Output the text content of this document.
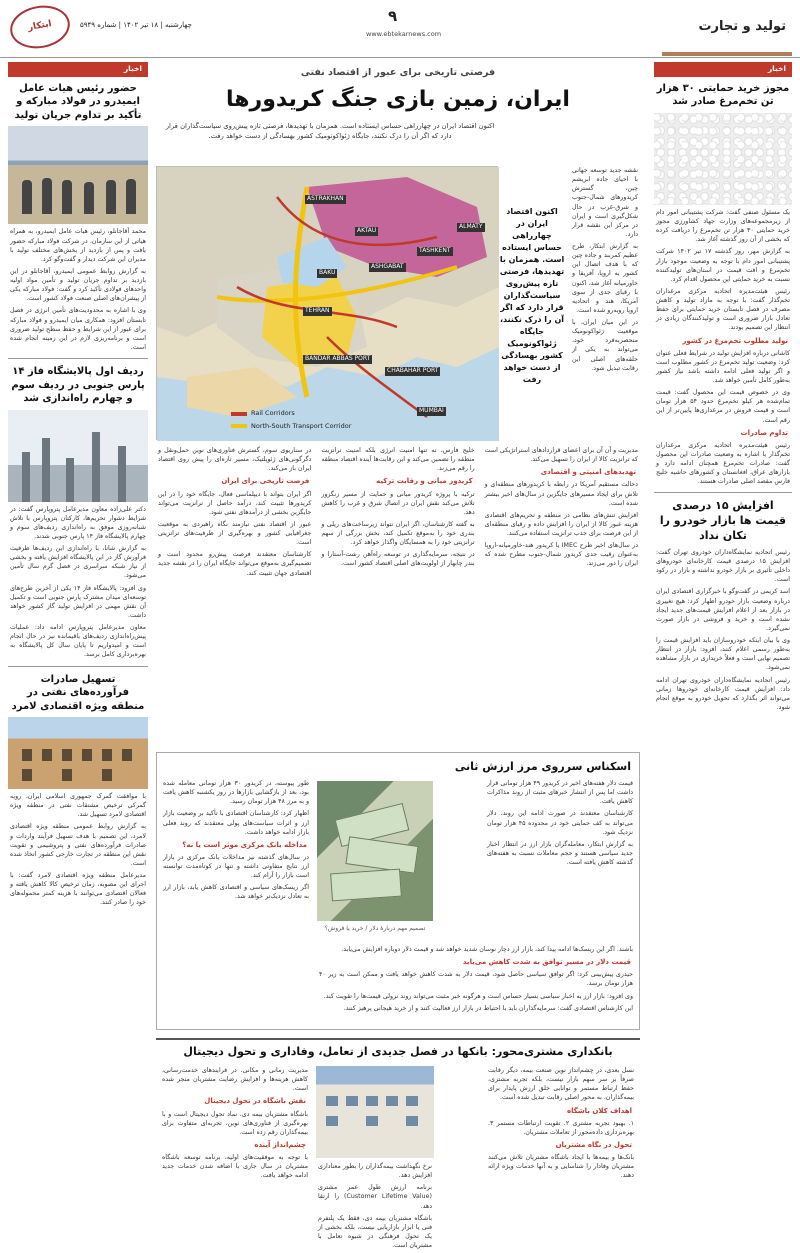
تولید و تجارت
۹
www.ebtekarnews.com
چهارشنبه | ۱۸ تیر ۱۴۰۲ | شماره ۵۹۴۹
ابتکار
اخبار
مجوز خرید حمایتی ۳۰ هزار تن تخم‌مرغ صادر شد

یک مسئول صنفی گفت: شرکت پشتیبانی امور دام از زیرمجموعه‌های وزارت جهاد کشاورزی مجوز خرید حمایتی ۳۰ هزار تن تخم‌مرغ را دریافت کرده که بخشی از آن روز گذشته آغاز شد.

به گزارش مهر، روز گذشته ۱۷ تیر ۱۴۰۲ شرکت پشتیبانی امور دام با توجه به وضعیت موجود بازار تخم‌مرغ و افت قیمت در استان‌های تولیدکننده نسبت به خرید حمایتی این محصول اقدام کرد.

رئیس هیئت‌مدیره اتحادیه مرکزی مرغداران تخم‌گذار گفت: با توجه به مازاد تولید و کاهش مصرف در فصل تابستان خرید حمایتی برای حفظ تعادل بازار ضروری است و تولیدکنندگان زیادی در انتظار این تصمیم بودند.

تولید مطلوب تخم‌مرغ در کشور

کاشانی درباره افزایش تولید در شرایط فعلی عنوان کرد: وضعیت تولید تخم‌مرغ در کشور مطلوب است و اگر تولید فعلی ادامه داشته باشد نیاز کشور به‌طور کامل تأمین خواهد شد.

وی در خصوص قیمت این محصول گفت: قیمت تمام‌شده هر کیلو تخم‌مرغ حدود ۵۴ هزار تومان است و قیمت فروش در مرغداری‌ها پایین‌تر از این رقم است.

تداوم صادرات

رئیس هیئت‌مدیره اتحادیه مرکزی مرغداران تخم‌گذار با اشاره به وضعیت صادرات این محصول گفت: صادرات تخم‌مرغ همچنان ادامه دارد و بازارهای عراق، افغانستان و کشورهای حاشیه خلیج فارس مقصد اصلی صادرات هستند.

افزایش ۱۵ درصدی قیمت ها بازار خودرو را تکان نداد

رئیس اتحادیه نمایشگاه‌داران خودروی تهران گفت: افزایش ۱۵ درصدی قیمت کارخانه‌ای خودروهای داخلی تأثیری بر بازار خودرو نداشته و بازار در رکود است.

اسد کریمی در گفت‌وگو با خبرگزاری اقتصادی ایران درباره وضعیت بازار خودرو اظهار کرد: هیچ تغییری در بازار بعد از اعلام افزایش قیمت‌های جدید ایجاد نشده است و خرید و فروشی در بازار صورت نمی‌گیرد.

وی با بیان اینکه خودروسازان باید افزایش قیمت را به‌طور رسمی اعلام کنند، افزود: بازار در انتظار تصمیم نهایی است و فعلاً خریداری در بازار مشاهده نمی‌شود.

رئیس اتحادیه نمایشگاه‌داران خودروی تهران ادامه داد: افزایش قیمت کارخانه‌ای خودروها زمانی می‌تواند اثر بگذارد که تحویل خودرو به موقع انجام شود.

اخبار
حضور رئیس هیات عامل ایمیدرو در فولاد مبارکه و تأکید بر تداوم جریان تولید

محمد آقاجانلو، رئیس هیات عامل ایمیدرو، به همراه هیاتی از این سازمان، در شرکت فولاد مبارکه حضور یافت و پس از بازدید از بخش‌های مختلف تولید با مدیران این شرکت دیدار و گفت‌وگو کرد.

به گزارش روابط عمومی ایمیدرو، آقاجانلو در این بازدید بر تداوم جریان تولید و تأمین مواد اولیه واحدهای فولادی تأکید کرد و گفت: فولاد مبارکه یکی از پیشران‌های اصلی صنعت فولاد کشور است.

وی با اشاره به محدودیت‌های تأمین انرژی در فصل تابستان افزود: همکاری میان ایمیدرو و فولاد مبارکه برای عبور از این شرایط و حفظ سطح تولید ضروری است و برنامه‌ریزی لازم در این زمینه انجام شده است.

ردیف اول پالایشگاه فاز ۱۴ پارس جنوبی در ردیف سوم و چهارم راه‌اندازی شد

دکتر علی‌زاده معاون مدیرعامل پتروپارس گفت: در شرایط دشوار تحریم‌ها، کارکنان پتروپارس با تلاش شبانه‌روزی موفق به راه‌اندازی ردیف‌های سوم و چهارم پالایشگاه فاز ۱۴ پارس جنوبی شدند.

به گزارش شانا، با راه‌اندازی این ردیف‌ها ظرفیت فرآورش گاز در این پالایشگاه افزایش یافته و بخشی از نیاز شبکه سراسری در فصل گرم سال تأمین می‌شود.

وی افزود: پالایشگاه فاز ۱۴ یکی از آخرین طرح‌های توسعه‌ای میدان مشترک پارس جنوبی است و تکمیل آن نقش مهمی در افزایش تولید گاز کشور خواهد داشت.

معاون مدیرعامل پتروپارس ادامه داد: عملیات پیش‌راه‌اندازی ردیف‌های باقیمانده نیز در حال انجام است و امیدواریم تا پایان سال کل پالایشگاه به بهره‌برداری کامل برسد.

تسهیل صادرات فرآورده‌های نفتی در منطقه ویژه اقتصادی لامرد

با موافقت گمرک جمهوری اسلامی ایران، رویه گمرکی ترخیص مشتقات نفتی در منطقه ویژه اقتصادی لامرد تسهیل شد.

به گزارش روابط عمومی منطقه ویژه اقتصادی لامرد، این تصمیم با هدف تسهیل فرآیند واردات و صادرات فرآورده‌های نفتی و پتروشیمی و تقویت نقش این منطقه در تجارت خارجی کشور اتخاذ شده است.

مدیرعامل منطقه ویژه اقتصادی لامرد گفت: با اجرای این مصوبه، زمان ترخیص کالا کاهش یافته و فعالان اقتصادی می‌توانند با هزینه کمتر محموله‌های خود را صادر کنند.

فرصتی تاریخی برای عبور از اقتصاد نفتی
ایران، زمین بازی جنگ کریدورها
اکنون اقتصاد ایران در چهارراهی حساس ایستاده است. همزمان با تهدیدها، فرصتی تازه پیش‌روی سیاست‌گذاران قرار دارد که اگر آن را درک نکنند، جایگاه ژئواکونومیک کشور بهسادگی از دست خواهد رفت.
ASTRAKHAN
AKTAU
TASHKENT
ALMATY
ASHGABAT
BAKU
TEHRAN
BANDAR ABBAS PORT
CHABAHAR PORT
MUMBAI
Rail Corridors
North-South Transport Corridor
اکنون اقتصاد ایران در چهارراهی حساس ایستاده است. همزمان با تهدیدها، فرصتی تازه پیش‌روی سیاست‌گذاران قرار دارد که اگر آن را درک نکنند، جایگاه ژئواکونومیک کشور بهسادگی از دست خواهد رفت

نقشه جدید توسعه جهانی با احیای جاده ابریشم چین، گسترش کریدورهای شمال-جنوب و شرق-غرب در حال شکل‌گیری است و ایران در مرکز این نقشه قرار دارد.

به گزارش ابتکار، طرح عظیم کمربند و جاده چین که با هدف اتصال این کشور به اروپا، آفریقا و خاورمیانه آغاز شد، اکنون با رقبای جدی از سوی آمریکا، هند و اتحادیه اروپا روبه‌رو شده است.

در این میان ایران، با موقعیت ژئواکونومیک منحصربه‌فرد خود، می‌تواند به یکی از حلقه‌های اصلی این رقابت تبدیل شود.

مدیریت و آن آن برای اعضای قراردادهای استراتژیکی است که ترانزیت کالا از ایران را تسهیل می‌کند.

تهدیدهای امنیتی و اقتصادی

دخالت مستقیم آمریکا در رابطه با کریدورهای منطقه‌ای و تلاش برای ایجاد مسیرهای جایگزین در سال‌های اخیر بیشتر شده است.

افزایش تنش‌های نظامی در منطقه و تحریم‌های اقتصادی هزینه عبور کالا از ایران را افزایش داده و رقبای منطقه‌ای از این فرصت برای جذب ترانزیت استفاده می‌کنند.

در سال‌های اخیر طرح IMEC یا کریدور هند-خاورمیانه-اروپا به‌عنوان رقیب جدی کریدور شمال-جنوب مطرح شده که ایران را دور می‌زند.

خلیج فارس، نه تنها امنیت انرژی بلکه امنیت ترانزیت منطقه را تضمین می‌کند و این رقابت‌ها آینده اقتصاد منطقه را رقم می‌زند.

کریدور میانی و رقابت ترکیه

ترکیه با پروژه کریدور میانی و حمایت از مسیر زنگزور تلاش می‌کند نقش ایران در اتصال شرق و غرب را کاهش دهد.

به گفته کارشناسان، اگر ایران نتواند زیرساخت‌های ریلی و بندری خود را به‌موقع تکمیل کند، بخش بزرگی از سهم ترانزیتی خود را به همسایگان واگذار خواهد کرد.

در نتیجه، سرمایه‌گذاری در توسعه راه‌آهن رشت-آستارا و بندر چابهار از اولویت‌های اصلی اقتصاد کشور است.

در سناریوی سوم، گسترش فناوری‌های نوین حمل‌ونقل و دگرگونی‌های ژئوپلتیک، مسیر تازه‌ای را پیش روی اقتصاد ایران باز می‌کند.

فرصت تاریخی برای ایران

اگر ایران بتواند با دیپلماسی فعال، جایگاه خود را در این کریدورها تثبیت کند، درآمد حاصل از ترانزیت می‌تواند جایگزین بخشی از درآمدهای نفتی شود.

عبور از اقتصاد نفتی نیازمند نگاه راهبردی به موقعیت جغرافیایی کشور و بهره‌گیری از ظرفیت‌های ترانزیتی است.

کارشناسان معتقدند فرصت پیش‌رو محدود است و تصمیم‌گیری به‌موقع می‌تواند جایگاه ایران را در نقشه جدید اقتصادی جهان تثبیت کند.

اسکناس سرروی مرز ارزش ثانی
تصمیم مهم دربارهٔ دلار / خرید یا فروش؟

قیمت دلار هفته‌های اخیر در کریدور ۴۹ هزار تومانی قرار داشت اما پس از انتشار خبرهای مثبت از روند مذاکرات کاهش یافت.

کارشناسان معتقدند در صورت ادامه این روند، دلار می‌تواند به کف حمایتی خود در محدوده ۴۵ هزار تومان نزدیک شود.

به گزارش ابتکار، معامله‌گران بازار ارز در انتظار اخبار جدید سیاسی هستند و حجم معاملات نسبت به هفته‌های گذشته کاهش یافته است.

طور پیوسته، در کریدور ۳۰ هزار تومانی معامله شده بود، بعد از بازگشایی بازارها در روز یکشنبه کاهش یافت و به مرز ۴۸ هزار تومان رسید.

اظهار کرد: کارشناسان اقتصادی با تأکید بر وضعیت بازار ارز و اثرات سیاست‌های پولی معتقدند که روند فعلی بازار ادامه خواهد داشت.

مداخله بانک مرکزی موثر است یا نه؟

در سال‌های گذشته نیز مداخلات بانک مرکزی در بازار ارز نتایج متفاوتی داشته و تنها در کوتاه‌مدت توانسته است بازار را آرام کند.

اگر ریسک‌های سیاسی و اقتصادی کاهش یابد، بازار ارز به تعادل نزدیک‌تر خواهد شد.

باشند. اگر این ریسک‌ها ادامه پیدا کند، بازار ارز دچار نوسان شدید خواهد شد و قیمت دلار دوباره افزایش می‌یابد.

قیمت دلار در مسیر توافق به شدت کاهش می‌یابد

حیدری پیش‌بینی کرد: اگر توافق سیاسی حاصل شود، قیمت دلار به شدت کاهش خواهد یافت و ممکن است به زیر ۴۰ هزار تومان برسد.

وی افزود: بازار ارز به اخبار سیاسی بسیار حساس است و هرگونه خبر مثبت می‌تواند روند نزولی قیمت‌ها را تقویت کند.

این کارشناس اقتصادی گفت: سرمایه‌گذاران باید با احتیاط در بازار ارز فعالیت کنند و از خرید هیجانی پرهیز کنند.

بانکداری مشتری‌محور: بانکها در فصل جدیدی از تعامل، وفاداری و تحول دیجیتال

نسل بعدی، در چشم‌انداز نوین صنعت بیمه، دیگر رقابت صرفاً بر سر سهم بازار نیست، بلکه تجربه مشتری، حفظ ارتباط مستمر و توانایی خلق ارزش پایدار برای بیمه‌گذاران، به محور اصلی رقابت تبدیل شده است.

اهداف کلان باشگاه

۱. بهبود تجربه مشتری ۲. تقویت ارتباطات مستمر ۳. بهره‌برداری داده‌محور از تعاملات مشتریان.

تحول در نگاه مشتریان

بانک‌ها و بیمه‌ها با ایجاد باشگاه مشتریان تلاش می‌کنند مشتریان وفادار را شناسایی و به آنها خدمات ویژه ارائه دهند.

مدیریت زمانی و مکانی، در فرایندهای خدمت‌رسانی، کاهش هزینه‌ها و افزایش رضایت مشتریان منجر شده است.

نقش باشگاه در تحول دیجیتال

باشگاه مشتریان بیمه دی، نماد تحول دیجیتال است و با بهره‌گیری از فناوری‌های نوین، تجربه‌ای متفاوت برای بیمه‌گذاران رقم زده است.

چشم‌انداز آینده

با توجه به موفقیت‌های اولیه، برنامه توسعه باشگاه مشتریان در سال جاری با اضافه شدن خدمات جدید ادامه خواهد یافت.

نرخ نگهداشت بیمه‌گذاران را بطور معناداری افزایش دهد.

برنامه ارزش طول عمر مشتری (Customer Lifetime Value) را ارتقا دهد.

باشگاه مشتریان بیمه دی، فقط یک پلتفرم فنی یا ابزار بازاریابی نیست، بلکه بخشی از یک تحول فرهنگی در شیوه تعامل با مشتریان است.
